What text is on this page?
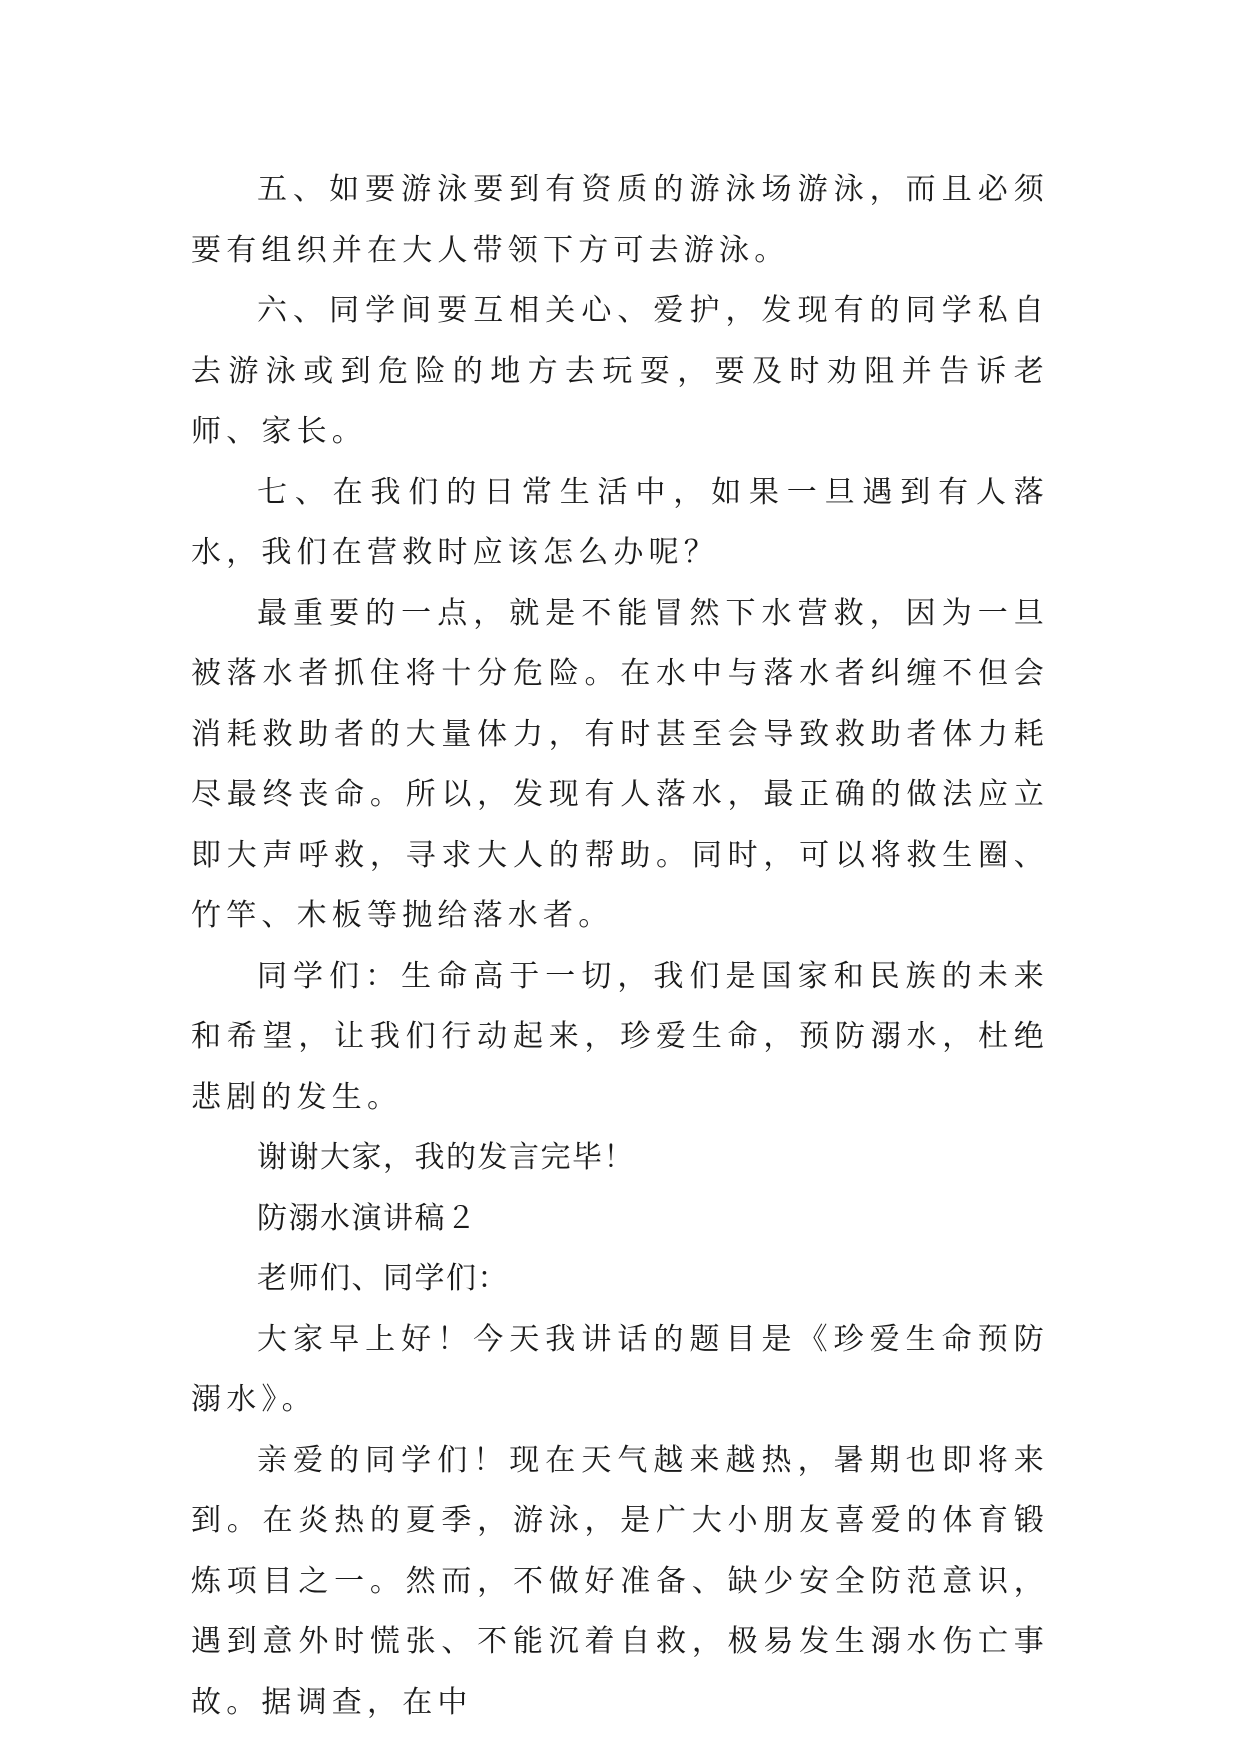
五、如要游泳要到有资质的游泳场游泳，而且必须要有组织并在大人带领下方可去游泳。

六、同学间要互相关心、爱护，发现有的同学私自去游泳或到危险的地方去玩耍，要及时劝阻并告诉老师、家长。

七、在我们的日常生活中，如果一旦遇到有人落水，我们在营救时应该怎么办呢？

最重要的一点，就是不能冒然下水营救，因为一旦被落水者抓住将十分危险。在水中与落水者纠缠不但会消耗救助者的大量体力，有时甚至会导致救助者体力耗尽最终丧命。所以，发现有人落水，最正确的做法应立即大声呼救，寻求大人的帮助。同时，可以将救生圈、竹竿、木板等抛给落水者。

同学们：生命高于一切，我们是国家和民族的未来和希望，让我们行动起来，珍爱生命，预防溺水，杜绝悲剧的发生。

谢谢大家，我的发言完毕！

防溺水演讲稿２

老师们、同学们：

大家早上好！今天我讲话的题目是《珍爱生命预防溺水》。

亲爱的同学们！现在天气越来越热，暑期也即将来到。在炎热的夏季，游泳，是广大小朋友喜爱的体育锻炼项目之一。然而，不做好准备、缺少安全防范意识，遇到意外时慌张、不能沉着自救，极易发生溺水伤亡事故。据调查，在中
